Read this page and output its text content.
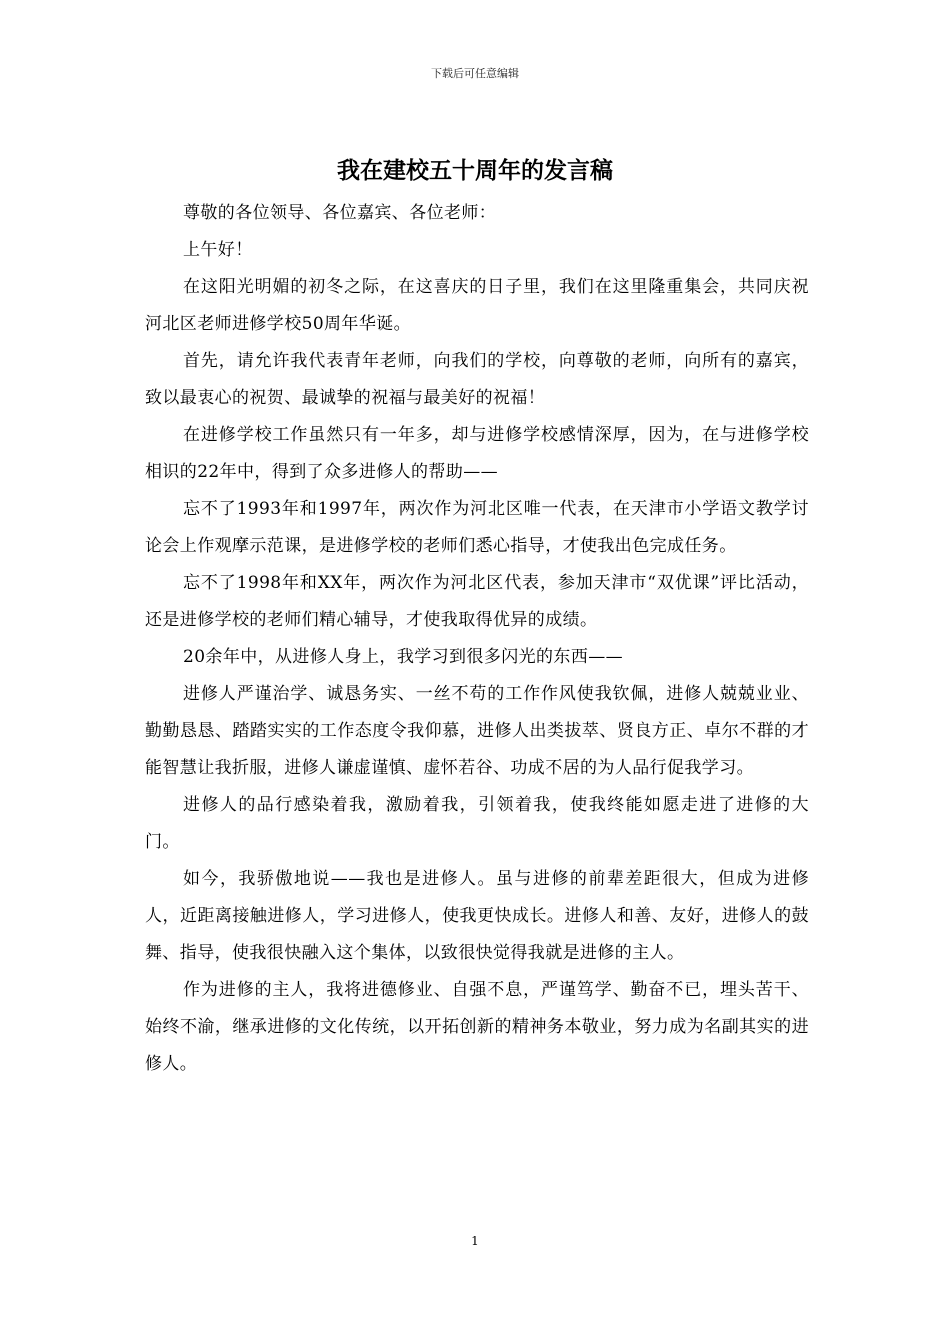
下载后可任意编辑
我在建校五十周年的发言稿

尊敬的各位领导、各位嘉宾、各位老师：

上午好！

在这阳光明媚的初冬之际，在这喜庆的日子里，我们在这里隆重集会，共同庆祝河北区老师进修学校50周年华诞。

首先，请允许我代表青年老师，向我们的学校，向尊敬的老师，向所有的嘉宾，致以最衷心的祝贺、最诚挚的祝福与最美好的祝福！

在进修学校工作虽然只有一年多，却与进修学校感情深厚，因为，在与进修学校相识的22年中，得到了众多进修人的帮助——

忘不了1993年和1997年，两次作为河北区唯一代表，在天津市小学语文教学讨论会上作观摩示范课，是进修学校的老师们悉心指导，才使我出色完成任务。

忘不了1998年和XX年，两次作为河北区代表，参加天津市“双优课”评比活动，还是进修学校的老师们精心辅导，才使我取得优异的成绩。

20余年中，从进修人身上，我学习到很多闪光的东西——

进修人严谨治学、诚恳务实、一丝不苟的工作作风使我钦佩，进修人兢兢业业、勤勤恳恳、踏踏实实的工作态度令我仰慕，进修人出类拔萃、贤良方正、卓尔不群的才能智慧让我折服，进修人谦虚谨慎、虚怀若谷、功成不居的为人品行促我学习。

进修人的品行感染着我，激励着我，引领着我，使我终能如愿走进了进修的大门。

如今，我骄傲地说——我也是进修人。虽与进修的前辈差距很大，但成为进修人，近距离接触进修人，学习进修人，使我更快成长。进修人和善、友好，进修人的鼓舞、指导，使我很快融入这个集体，以致很快觉得我就是进修的主人。

作为进修的主人，我将进德修业、自强不息，严谨笃学、勤奋不已，埋头苦干、始终不渝，继承进修的文化传统，以开拓创新的精神务本敬业，努力成为名副其实的进修人。

1
